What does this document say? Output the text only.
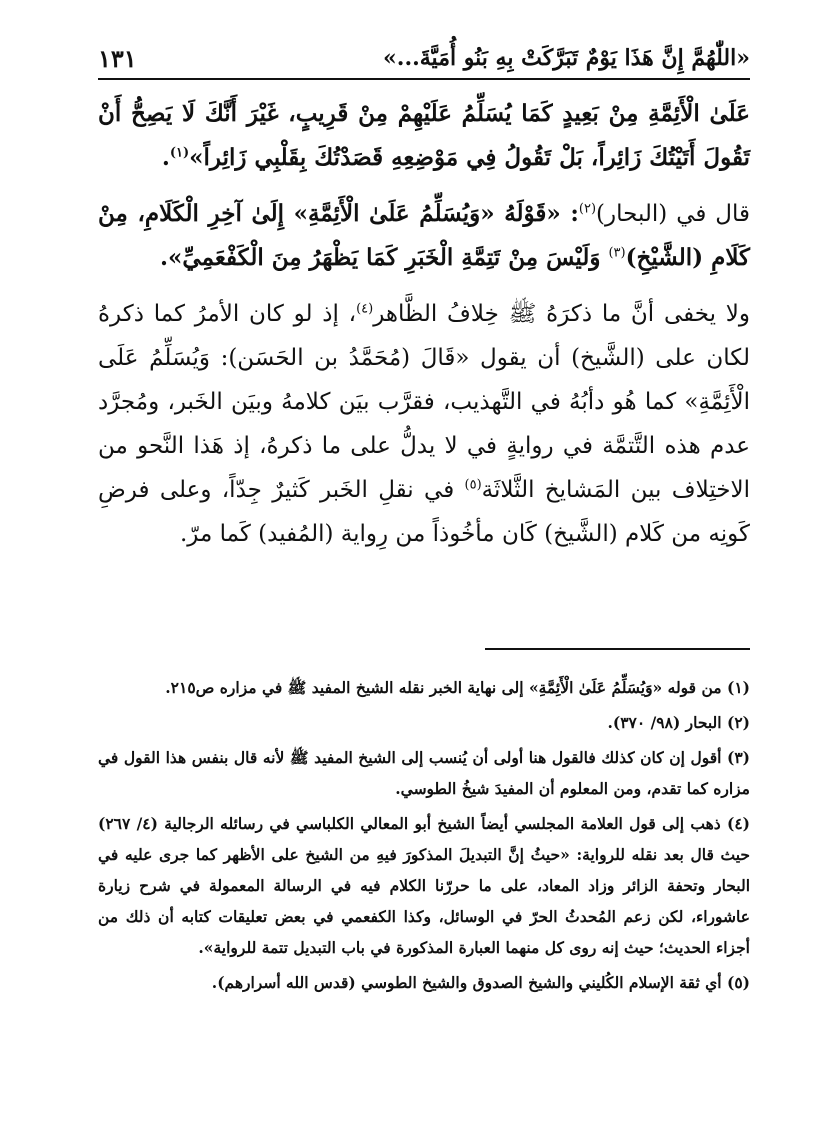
«اللّٰهُمَّ إِنَّ هَذَا يَوْمٌ تَبَرَّكَتْ بِهِ بَنُو أُمَيَّةَ...»
١٣١

عَلَىٰ الْأَئِمَّةِ مِنْ بَعِيدٍ كَمَا يُسَلِّمُ عَلَيْهِمْ مِنْ قَرِيبٍ، غَيْرَ أَنَّكَ لَا يَصِحُّ أَنْ تَقُولَ أَتَيْتُكَ زَائِراً، بَلْ تَقُولُ فِي مَوْضِعِهِ قَصَدْتُكَ بِقَلْبِي زَائِراً»$^{(١)}$.

قال في (البحار)$^{(٢)}$: «قَوْلَهُ «وَيُسَلِّمُ عَلَىٰ الْأَئِمَّةِ» إِلَىٰ آخِرِ الْكَلَامِ، مِنْ كَلَامِ (الشَّيْخِ)$^{(٣)}$ وَلَيْسَ مِنْ تَتِمَّةِ الْخَبَرِ كَمَا يَظْهَرُ مِنَ الْكَفْعَمِيِّ».

ولا يخفى أنَّ ما ذكرَهُ ﷺ خِلافُ الظَّاهر$^{(٤)}$، إذ لو كان الأمرُ كما ذكرهُ لكان على (الشَّيخ) أن يقول «قَالَ (مُحَمَّدُ بن الحَسَن): وَيُسَلِّمُ عَلَى الْأَئِمَّةِ» كما هُو دأبُهُ في التَّهذيب، فقرَّب بيَن كلامهُ وبيَن الخَبر، ومُجرَّد عدم هذه التَّتمَّة في روايةٍ في لا يدلُّ على ما ذكرهُ، إذ هَذا النَّحو من الاختِلاف بين المَشايخ الثَّلاثَة$^{(٥)}$ في نقلِ الخَبر كَثيرٌ جِدّاً، وعلى فرضِ كَونِه من كَلام (الشَّيخ) كَان مأخُوذاً من رِواية (المُفيد) كَما مرّ.

(١) من قوله «وَيُسَلِّمُ عَلَىٰ الْأَئِمَّةِ» إلى نهاية الخبر نقله الشيخ المفيد ﷺ في مزاره ص٢١٥.

(٢) البحار (٩٨/ ٣٧٠).

(٣) أقول إن كان كذلك فالقول هنا أولى أن يُنسب إلى الشيخ المفيد ﷺ لأنه قال بنفس هذا القول في مزاره كما تقدم، ومن المعلوم أن المفيدَ شيخُ الطوسي.

(٤) ذهب إلى قول العلامة المجلسي أيضاً الشيخ أبو المعالي الكلباسي في رسائله الرجالية (٤/ ٢٦٧) حيث قال بعد نقله للرواية: «حيثُ إنَّ التبديلَ المذكورَ فيهِ من الشيخ على الأظهر كما جرى عليه في البحار وتحفة الزائر وزاد المعاد، على ما حررّنا الكلام فيه في الرسالة المعمولة في شرح زيارة عاشوراء، لكن زعم المُحدثُ الحرّ في الوسائل، وكذا الكفعمي في بعض تعليقات كتابه أن ذلك من أجزاء الحديث؛ حيث إنه روى كل منهما العبارة المذكورة في باب التبديل تتمة للرواية».

(٥) أي ثقة الإسلام الكُليني والشيخ الصدوق والشيخ الطوسي (قدس الله أسرارهم).
